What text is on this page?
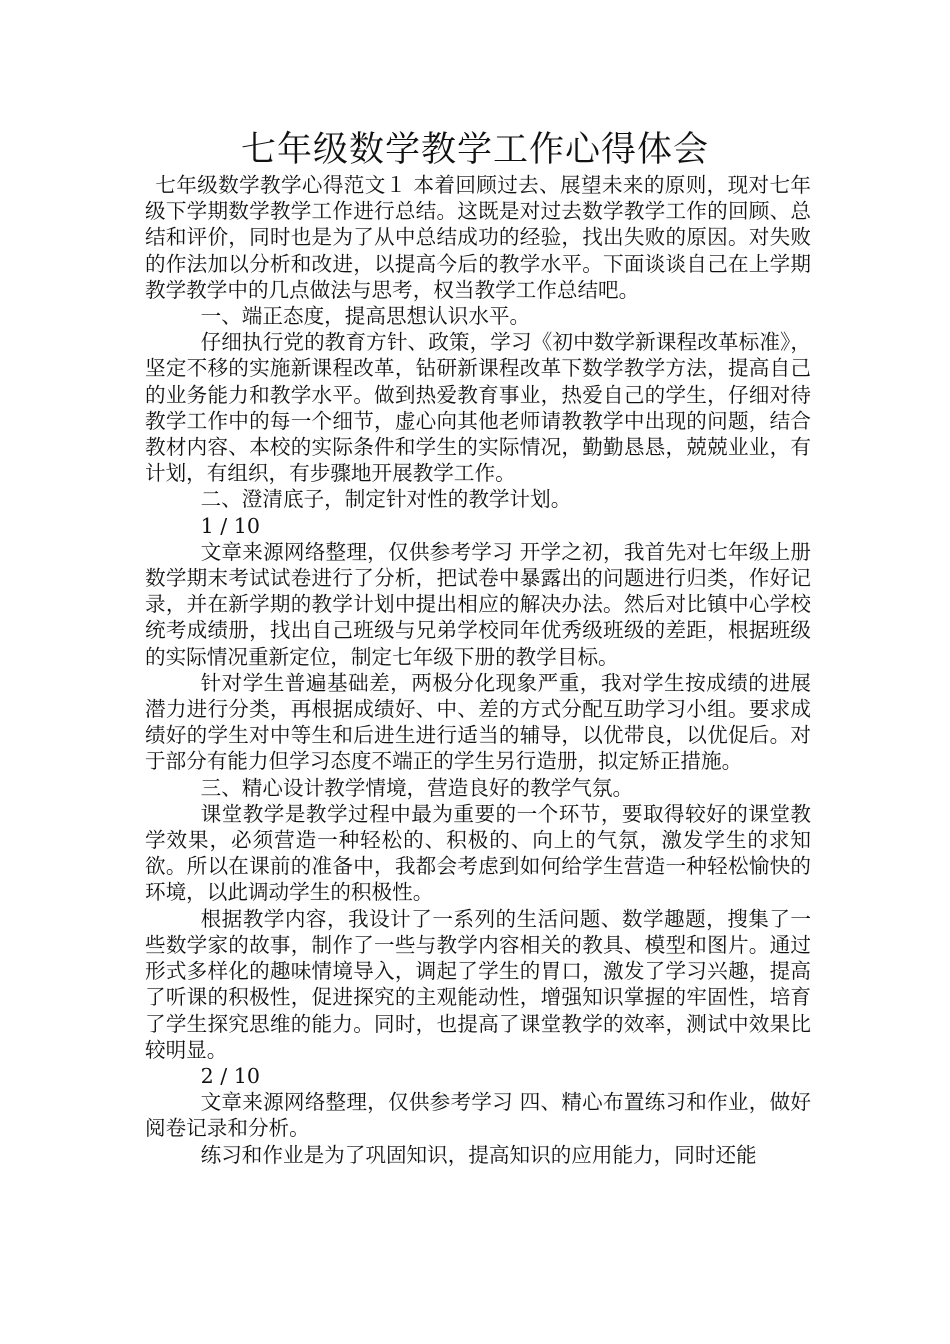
七年级数学教学工作心得体会

七年级数学教学心得范文１ 本着回顾过去、展望未来的原则，现对七年级下学期数学教学工作进行总结。这既是对过去数学教学工作的回顾、总结和评价，同时也是为了从中总结成功的经验，找出失败的原因。对失败的作法加以分析和改进，以提高今后的教学水平。下面谈谈自己在上学期教学教学中的几点做法与思考，权当教学工作总结吧。

一、端正态度，提高思想认识水平。

仔细执行党的教育方针、政策，学习《初中数学新课程改革标准》，坚定不移的实施新课程改革，钻研新课程改革下数学教学方法，提高自己的业务能力和教学水平。做到热爱教育事业，热爱自己的学生，仔细对待教学工作中的每一个细节，虚心向其他老师请教教学中出现的问题，结合教材内容、本校的实际条件和学生的实际情况，勤勤恳恳，兢兢业业，有计划，有组织，有步骤地开展教学工作。

二、澄清底子，制定针对性的教学计划。

1 / 10

文章来源网络整理，仅供参考学习 开学之初，我首先对七年级上册数学期末考试试卷进行了分析，把试卷中暴露出的问题进行归类，作好记录，并在新学期的教学计划中提出相应的解决办法。然后对比镇中心学校统考成绩册，找出自己班级与兄弟学校同年优秀级班级的差距，根据班级的实际情况重新定位，制定七年级下册的教学目标。

针对学生普遍基础差，两极分化现象严重，我对学生按成绩的进展潜力进行分类，再根据成绩好、中、差的方式分配互助学习小组。要求成绩好的学生对中等生和后进生进行适当的辅导，以优带良，以优促后。对于部分有能力但学习态度不端正的学生另行造册，拟定矫正措施。

三、精心设计教学情境，营造良好的教学气氛。

课堂教学是教学过程中最为重要的一个环节，要取得较好的课堂教学效果，必须营造一种轻松的、积极的、向上的气氛，激发学生的求知欲。所以在课前的准备中，我都会考虑到如何给学生营造一种轻松愉快的环境，以此调动学生的积极性。

根据教学内容，我设计了一系列的生活问题、数学趣题，搜集了一些数学家的故事，制作了一些与教学内容相关的教具、模型和图片。通过形式多样化的趣味情境导入，调起了学生的胃口，激发了学习兴趣，提高了听课的积极性，促进探究的主观能动性，增强知识掌握的牢固性，培育了学生探究思维的能力。同时，也提高了课堂教学的效率，测试中效果比较明显。

2 / 10

文章来源网络整理，仅供参考学习 四、精心布置练习和作业，做好阅卷记录和分析。

练习和作业是为了巩固知识，提高知识的应用能力，同时还能
